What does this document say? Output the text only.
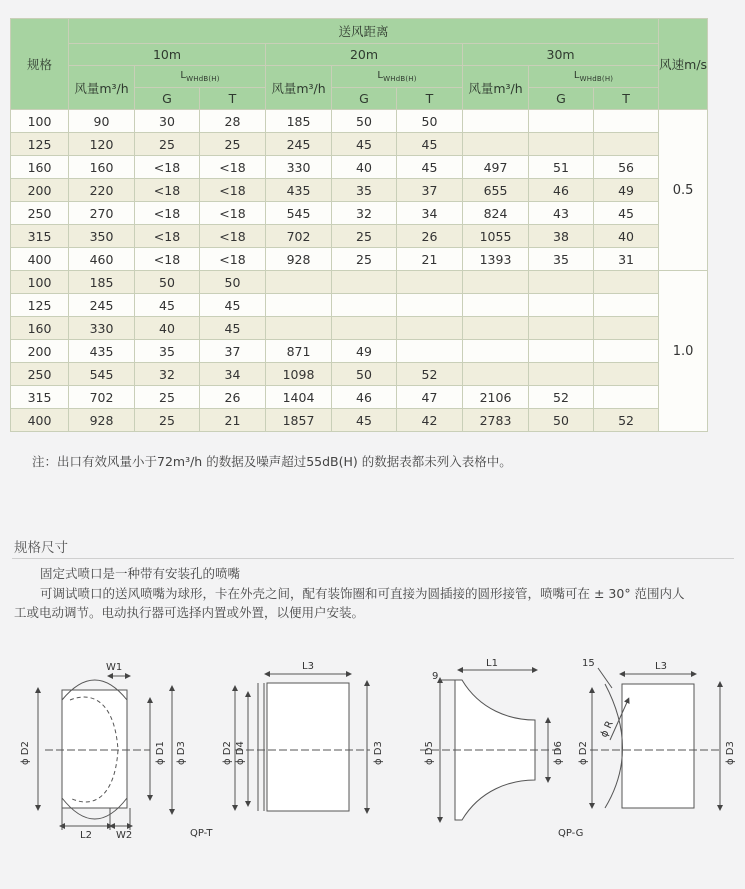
规格	送风距离									风速m/s
	10m			20m			30m			
	风量m³/h	$L_{WHdB(H)}$		风量m³/h	$L_{WHdB(H)}$		风量m³/h	$L_{WHdB(H)}$
		G	T		G	T		G	T	
100	90	30	28	185	50	50				0.5
125	120	25	25	245	45	45				
160	160	<18	<18	330	40	45	497	51	56	
200	220	<18	<18	435	35	37	655	46	49	
250	270	<18	<18	545	32	34	824	43	45	
315	350	<18	<18	702	25	26	1055	38	40	
400	460	<18	<18	928	25	21	1393	35	31	
100	185	50	50							1.0
125	245	45	45							
160	330	40	45							
200	435	35	37	871	49					
250	545	32	34	1098	50	52				
315	702	25	26	1404	46	47	2106	52		
400	928	25	21	1857	45	42	2783	50	52	
注：出口有效风量小于72m³/h 的数据及噪声超过55dB(H) 的数据表都未列入表格中。
规格尺寸
固定式喷口是一种带有安装孔的喷嘴
可调试喷口的送风喷嘴为球形，卡在外壳之间，配有装饰圈和可直接为圆插接的圆形接管，喷嘴可在 ± 30° 范围内人
工或电动调节。电动执行器可选择内置或外置，以便用户安装。
W1
L2 W2
ϕ D2	ϕ D1 ϕ D3
QP-T
L3
ϕ D2 ϕ D4	ϕ D3
9
L1
ϕ D5	ϕ D6
15	L3
ϕ D2
ϕ R
ϕ D3
QP-G
